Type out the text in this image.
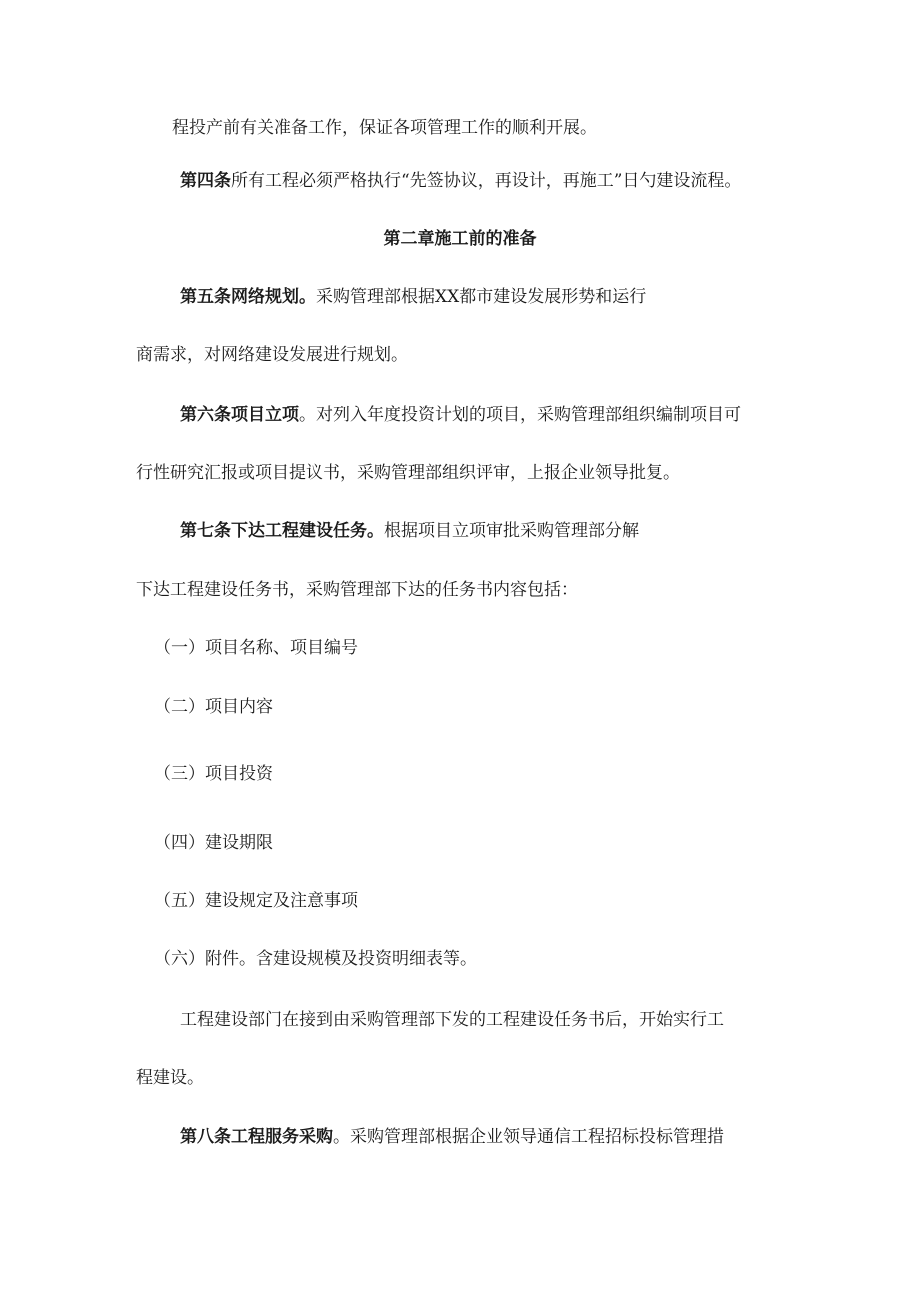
程投产前有关准备工作，保证各项管理工作的顺利开展。
第四条所有工程必须严格执行“先签协议，再设计，再施工”日勺建设流程。
第二章施工前的准备
第五条网络规划。采购管理部根据XX都市建设发展形势和运行
商需求，对网络建设发展进行规划。
第六条项目立项。对列入年度投资计划的项目，采购管理部组织编制项目可
行性研究汇报或项目提议书，采购管理部组织评审，上报企业领导批复。
第七条下达工程建设任务。根据项目立项审批采购管理部分解
下达工程建设任务书，采购管理部下达的任务书内容包括：
（一）项目名称、项目编号
（二）项目内容
（三）项目投资
（四）建设期限
（五）建设规定及注意事项
（六）附件。含建设规模及投资明细表等。
工程建设部门在接到由采购管理部下发的工程建设任务书后，开始实行工
程建设。
第八条工程服务采购。采购管理部根据企业领导通信工程招标投标管理措
